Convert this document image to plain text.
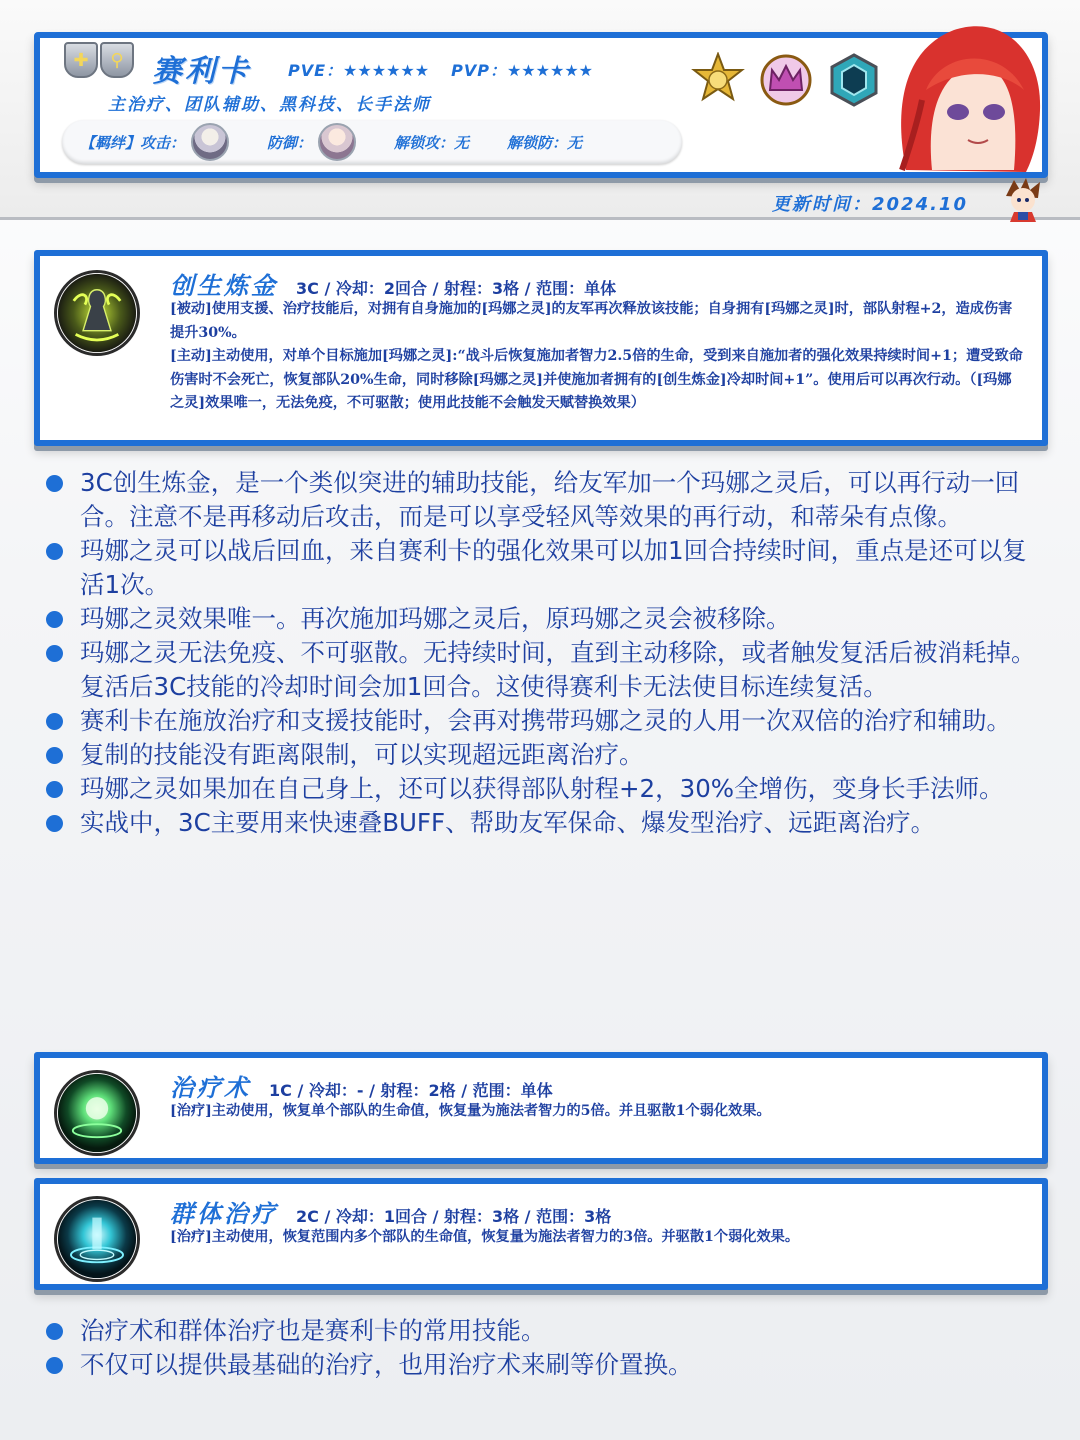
✚	⚲ 赛利卡 PVE：★★★★★★ PVP：★★★★★★
主治疗、团队辅助、黑科技、长手法师
【羁绊】攻击：	防御：	解锁攻：无	解锁防：无
更新时间：2024.10
创生炼金 3C / 冷却：2回合 / 射程：3格 / 范围：单体

[被动]使用支援、治疗技能后，对拥有自身施加的[玛娜之灵]的友军再次释放该技能；自身拥有[玛娜之灵]时，部队射程+2，造成伤害提升30%。

[主动]主动使用，对单个目标施加[玛娜之灵]:“战斗后恢复施加者智力2.5倍的生命，受到来自施加者的强化效果持续时间+1；遭受致命伤害时不会死亡，恢复部队20%生命，同时移除[玛娜之灵]并使施加者拥有的[创生炼金]冷却时间+1”。使用后可以再次行动。（[玛娜之灵]效果唯一，无法免疫，不可驱散；使用此技能不会触发天赋替换效果）

3C创生炼金，是一个类似突进的辅助技能，给友军加一个玛娜之灵后，可以再行动一回合。注意不是再移动后攻击，而是可以享受轻风等效果的再行动，和蒂朵有点像。
玛娜之灵可以战后回血，来自赛利卡的强化效果可以加1回合持续时间，重点是还可以复活1次。
玛娜之灵效果唯一。再次施加玛娜之灵后，原玛娜之灵会被移除。
玛娜之灵无法免疫、不可驱散。无持续时间，直到主动移除，或者触发复活后被消耗掉。复活后3C技能的冷却时间会加1回合。这使得赛利卡无法使目标连续复活。
赛利卡在施放治疗和支援技能时，会再对携带玛娜之灵的人用一次双倍的治疗和辅助。
复制的技能没有距离限制，可以实现超远距离治疗。
玛娜之灵如果加在自己身上，还可以获得部队射程+2，30%全增伤，变身长手法师。
实战中，3C主要用来快速叠BUFF、帮助友军保命、爆发型治疗、远距离治疗。
治疗术 1C / 冷却：- / 射程：2格 / 范围：单体

[治疗]主动使用，恢复单个部队的生命值，恢复量为施法者智力的5倍。并且驱散1个弱化效果。

群体治疗 2C / 冷却：1回合 / 射程：3格 / 范围：3格

[治疗]主动使用，恢复范围内多个部队的生命值，恢复量为施法者智力的3倍。并驱散1个弱化效果。

治疗术和群体治疗也是赛利卡的常用技能。
不仅可以提供最基础的治疗，也用治疗术来刷等价置换。
